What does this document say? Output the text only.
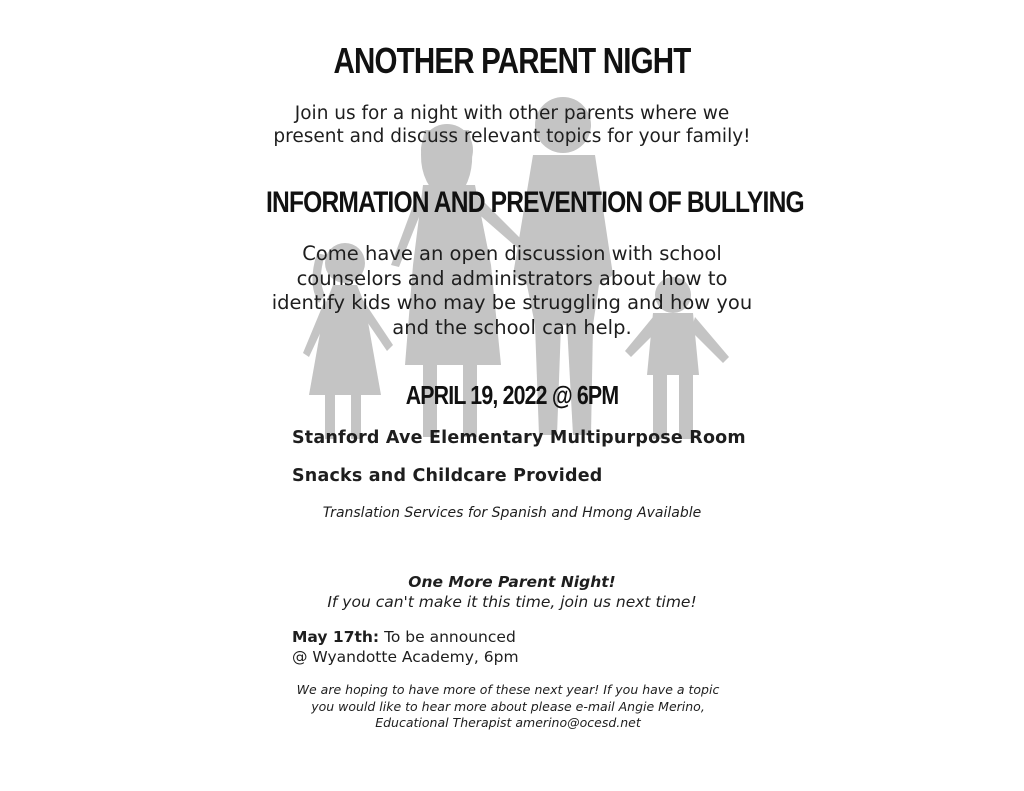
ANOTHER PARENT NIGHT
Join us for a night with other parents where we present and discuss relevant topics for your family!
INFORMATION AND PREVENTION OF BULLYING
Come have an open discussion with school counselors and administrators about how to identify kids who may be struggling and how you and the school can help.
APRIL 19, 2022 @ 6PM
Stanford Ave Elementary Multipurpose Room
Snacks and Childcare Provided
Translation Services for Spanish and Hmong Available
One More Parent Night!
If you can't make it this time, join us next time!
May 17th: To be announced
@ Wyandotte Academy, 6pm
We are hoping to have more of these next year! If you have a topic you would like to hear more about please e-mail Angie Merino, Educational Therapist amerino@ocesd.net
